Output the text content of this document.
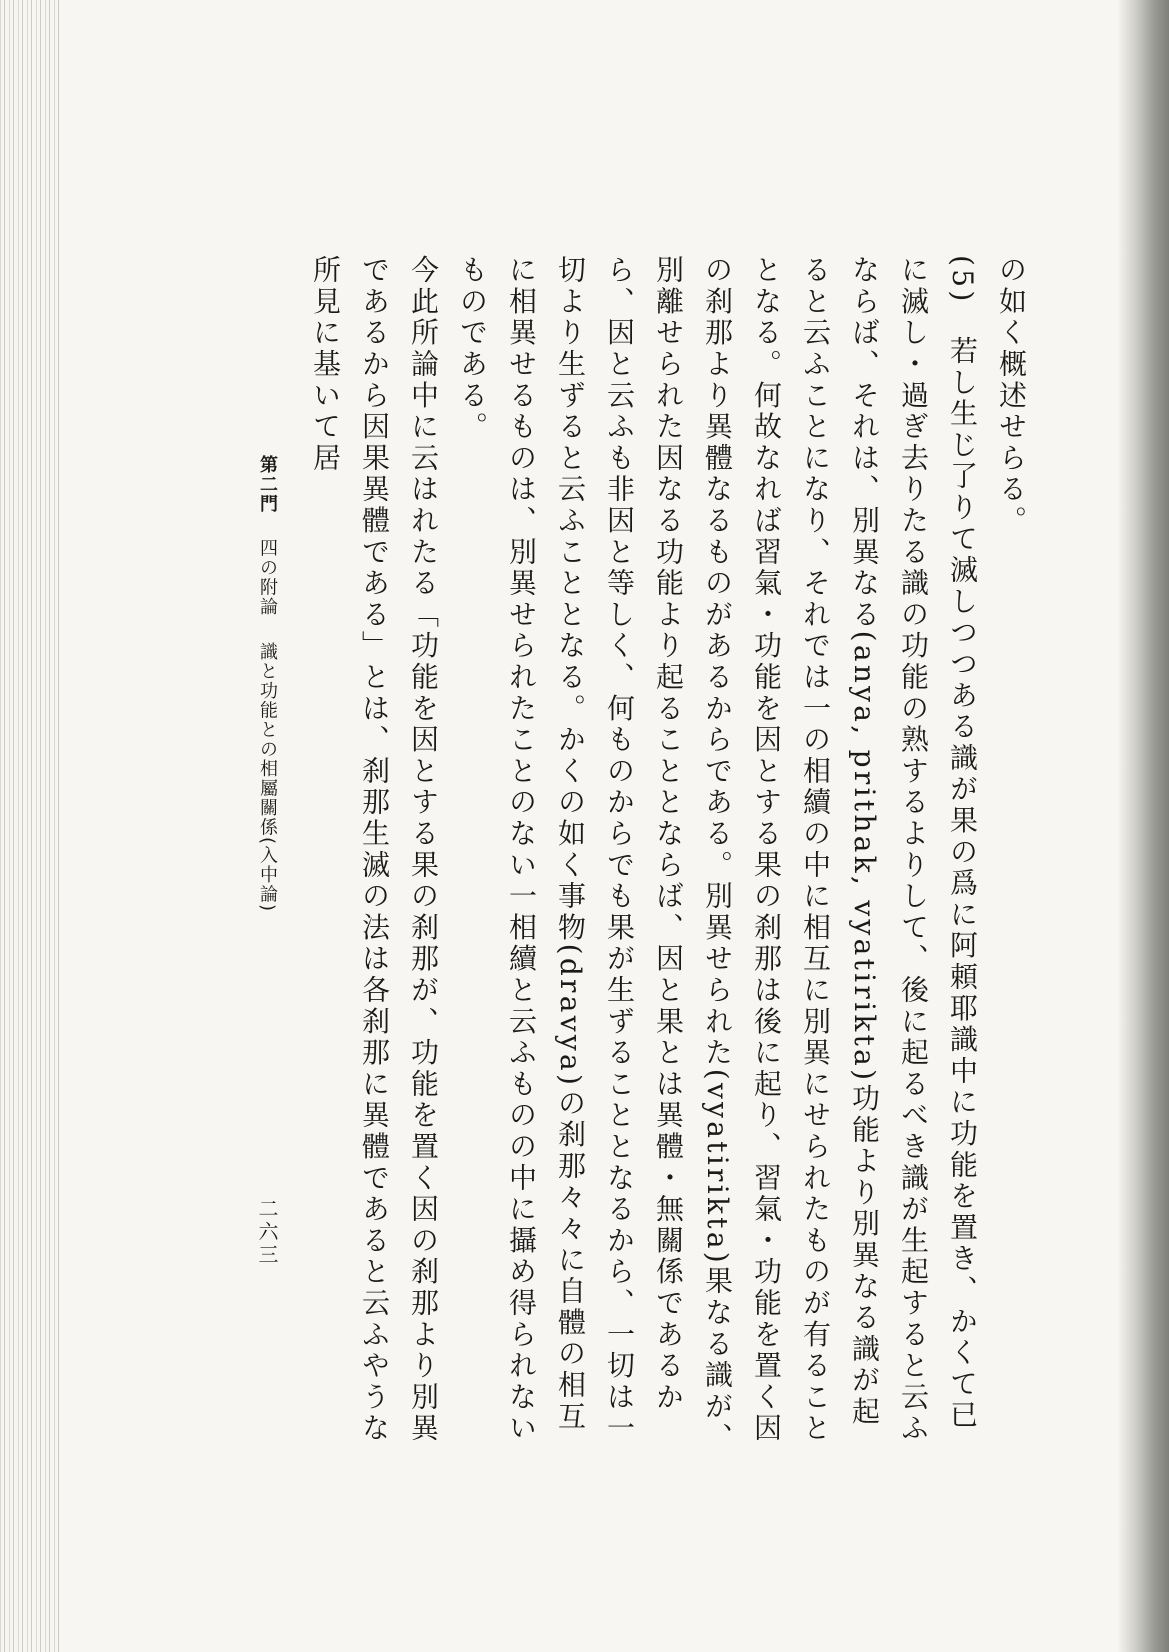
の如く概述せらる。

(5)　若し生じ了りて滅しつつある識が果の爲に阿頼耶識中に功能を置き、かくて已に滅し・過ぎ去りたる識の功能の熟するよりして、後に起るべき識が生起すると云ふならば、それは、別異なる(anya, prithak, vyatirikta)功能より別異なる識が起ると云ふことになり、それでは一の相續の中に相互に別異にせられたものが有ることとなる。何故なれば習氣・功能を因とする果の刹那は後に起り、習氣・功能を置く因の刹那より異體なるものがあるからである。別異せられた(vyatirikta)果なる識が、別離せられた因なる功能より起ることとならば、因と果とは異體・無關係であるから、因と云ふも非因と等しく、何ものからでも果が生ずることとなるから、一切は一切より生ずると云ふこととなる。かくの如く事物(dravya)の刹那々々に自體の相互に相異せるものは、別異せられたことのない一相續と云ふものの中に攝め得られないものである。

今此所論中に云はれたる「功能を因とする果の刹那が、功能を置く因の刹那より別異であるから因果異體である」とは、刹那生滅の法は各刹那に異體であると云ふやうな所見に基いて居

第二門 四の附論 識と功能との相屬關係(入中論)
二六三
